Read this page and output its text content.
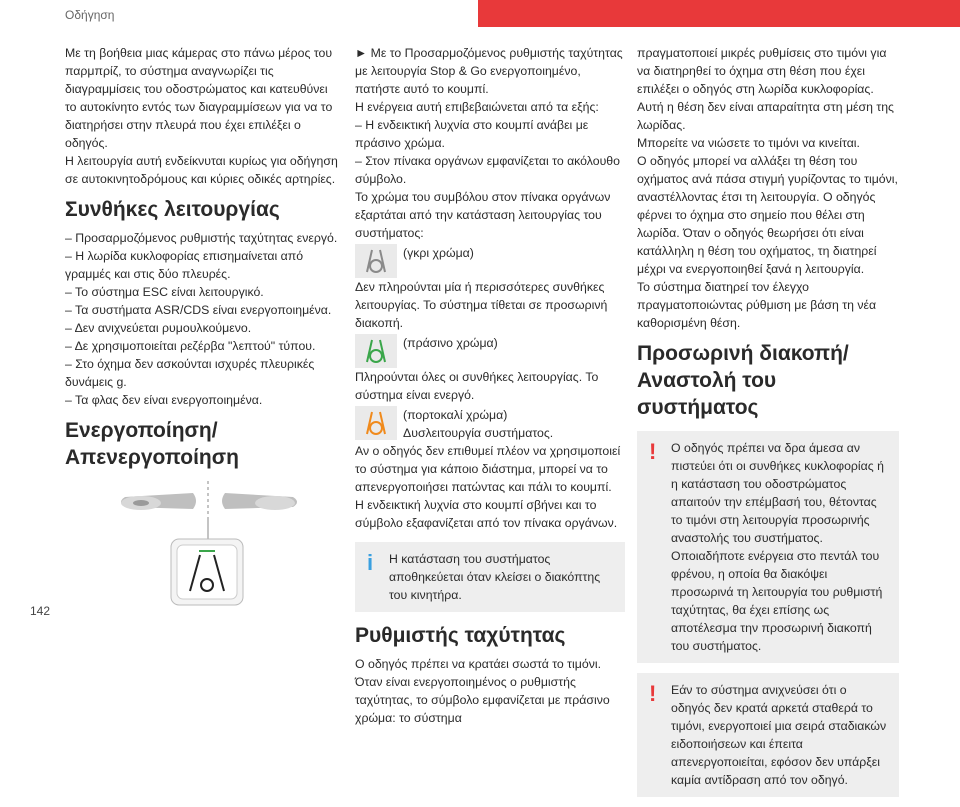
Οδήγηση

Με τη βοήθεια μιας κάμερας στο πάνω μέρος του παρμπρίζ, το σύστημα αναγνωρίζει τις διαγραμμίσεις του οδοστρώματος και κατευθύνει το αυτοκίνητο εντός των διαγραμμίσεων για να το διατηρήσει στην πλευρά που έχει επιλέξει ο οδηγός.

Η λειτουργία αυτή ενδείκνυται κυρίως για οδήγηση σε αυτοκινητοδρόμους και κύριες οδικές αρτηρίες.

Συνθήκες λειτουργίας

– Προσαρμοζόμενος ρυθμιστής ταχύτητας ενεργό.

– Η λωρίδα κυκλοφορίας επισημαίνεται από γραμμές και στις δύο πλευρές.

– Το σύστημα ESC είναι λειτουργικό.

– Τα συστήματα ASR/CDS είναι ενεργοποιημένα.

– Δεν ανιχνεύεται ρυμουλκούμενο.

– Δε χρησιμοποιείται ρεζέρβα "λεπτού" τύπου.

– Στο όχημα δεν ασκούνται ισχυρές πλευρικές δυνάμεις g.

– Τα φλας δεν είναι ενεργοποιημένα.

Ενεργοποίηση/ Απενεργοποίηση

► Με το Προσαρμοζόμενος ρυθμιστής ταχύτητας με λειτουργία Stop & Go ενεργοποιημένο, πατήστε αυτό το κουμπί.

Η ενέργεια αυτή επιβεβαιώνεται από τα εξής:

– Η ενδεικτική λυχνία στο κουμπί ανάβει με πράσινο χρώμα.

– Στον πίνακα οργάνων εμφανίζεται το ακόλουθο σύμβολο.

Το χρώμα του συμβόλου στον πίνακα οργάνων εξαρτάται από την κατάσταση λειτουργίας του συστήματος:

(γκρι χρώμα)

Δεν πληρούνται μία ή περισσότερες συνθήκες λειτουργίας. Το σύστημα τίθεται σε προσωρινή διακοπή.

(πράσινο χρώμα)

Πληρούνται όλες οι συνθήκες λειτουργίας. Το σύστημα είναι ενεργό.

(πορτοκαλί χρώμα)

Δυσλειτουργία συστήματος.

Αν ο οδηγός δεν επιθυμεί πλέον να χρησιμοποιεί το σύστημα για κάποιο διάστημα, μπορεί να το απενεργοποιήσει πατώντας και πάλι το κουμπί.

Η ενδεικτική λυχνία στο κουμπί σβήνει και το σύμβολο εξαφανίζεται από τον πίνακα οργάνων.

i Η κατάσταση του συστήματος αποθηκεύεται όταν κλείσει ο διακόπτης του κινητήρα.

Ρυθμιστής ταχύτητας

Ο οδηγός πρέπει να κρατάει σωστά το τιμόνι.

Όταν είναι ενεργοποιημένος ο ρυθμιστής ταχύτητας, το σύμβολο εμφανίζεται με πράσινο χρώμα: το σύστημα

πραγματοποιεί μικρές ρυθμίσεις στο τιμόνι για να διατηρηθεί το όχημα στη θέση που έχει επιλέξει ο οδηγός στη λωρίδα κυκλοφορίας. Αυτή η θέση δεν είναι απαραίτητα στη μέση της λωρίδας.

Μπορείτε να νιώσετε το τιμόνι να κινείται.

Ο οδηγός μπορεί να αλλάξει τη θέση του οχήματος ανά πάσα στιγμή γυρίζοντας το τιμόνι, αναστέλλοντας έτσι τη λειτουργία. Ο οδηγός φέρνει το όχημα στο σημείο που θέλει στη λωρίδα. Όταν ο οδηγός θεωρήσει ότι είναι κατάλληλη η θέση του οχήματος, τη διατηρεί μέχρι να ενεργοποιηθεί ξανά η λειτουργία.

Το σύστημα διατηρεί τον έλεγχο πραγματοποιώντας ρύθμιση με βάση τη νέα καθορισμένη θέση.

Προσωρινή διακοπή/Αναστολή του συστήματος
! Ο οδηγός πρέπει να δρα άμεσα αν πιστεύει ότι οι συνθήκες κυκλοφορίας ή η κατάσταση του οδοστρώματος απαιτούν την επέμβασή του, θέτοντας το τιμόνι στη λειτουργία προσωρινής αναστολής του συστήματος. Οποιαδήποτε ενέργεια στο πεντάλ του φρένου, η οποία θα διακόψει προσωρινά τη λειτουργία του ρυθμιστή ταχύτητας, θα έχει επίσης ως αποτέλεσμα την προσωρινή διακοπή του συστήματος.

! Εάν το σύστημα ανιχνεύσει ότι ο οδηγός δεν κρατά αρκετά σταθερά το τιμόνι, ενεργοποιεί μια σειρά σταδιακών ειδοποιήσεων και έπειτα απενεργοποιείται, εφόσον δεν υπάρξει καμία αντίδραση από τον οδηγό.

142
